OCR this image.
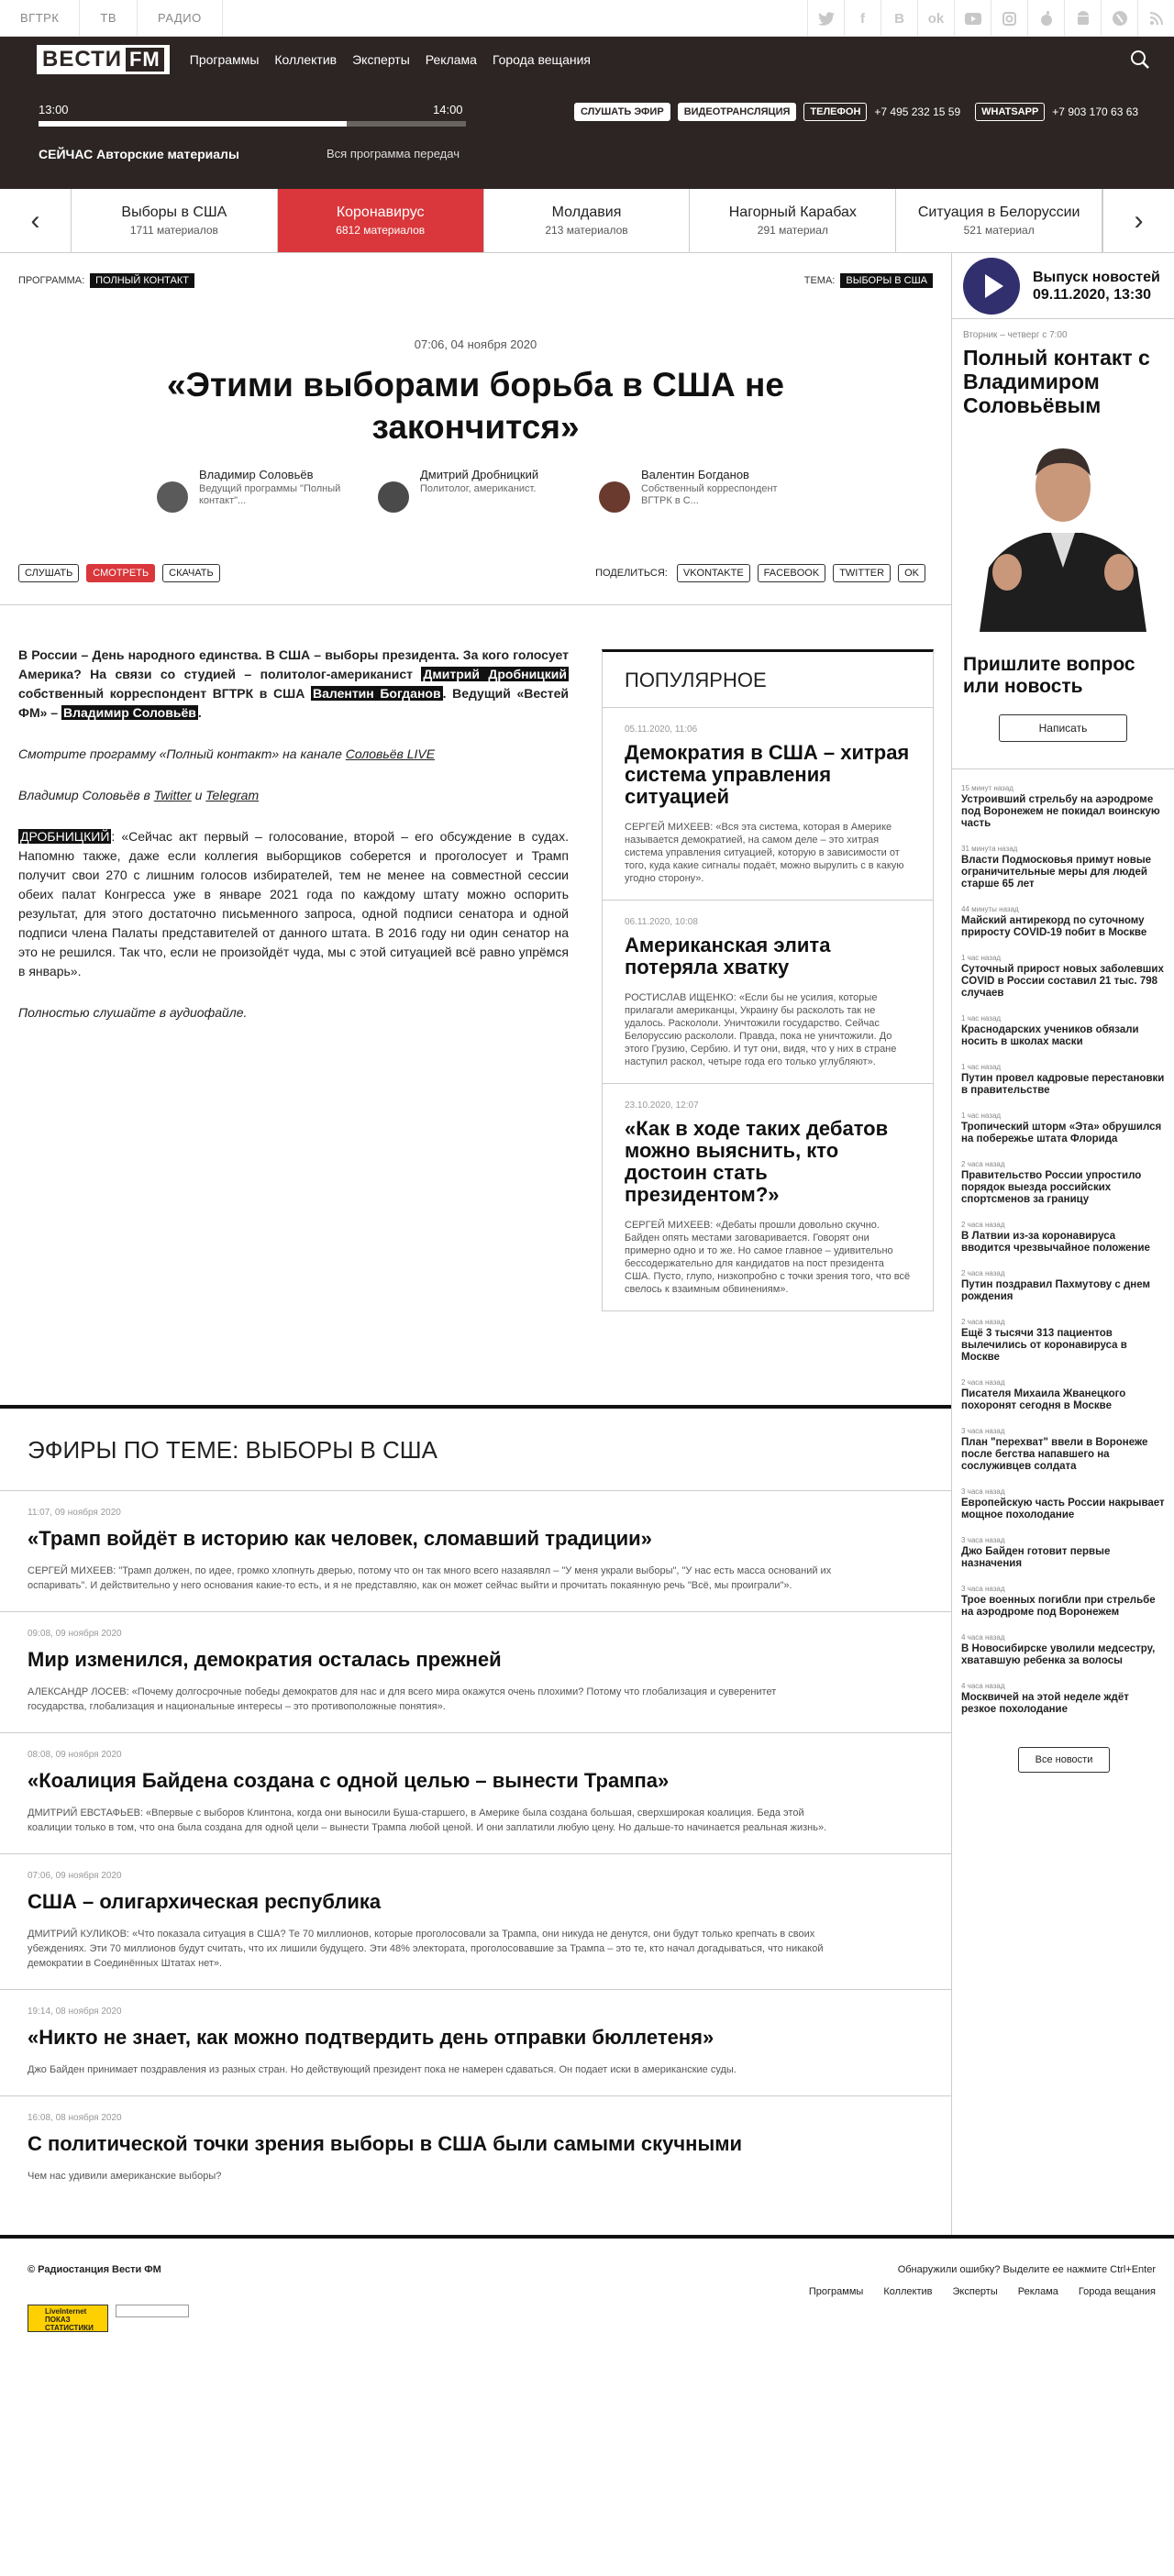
ВГТРК	ТВ	РАДИО	f	B	ok
ВЕСТИ FM Программы Коллектив Эксперты Реклама Города вещания
13:00	14:00
СЕЙЧАС Авторские материалы	Вся программа передач
СЛУШАТЬ ЭФИР	ВИДЕОТРАНСЛЯЦИЯ	ТЕЛЕФОН	+7 495 232 15 59	WHATSAPP	+7 903 170 63 63
‹	Выборы в США
1711 материалов
Коронавирус
6812 материалов
Молдавия
213 материалов
Нагорный Карабах
291 материал
Ситуация в Белоруссии
521 материал	›
ПРОГРАММА: ПОЛНЫЙ КОНТАКТ	ТЕМА: ВЫБОРЫ В США
07:06, 04 ноября 2020
«Этими выборами борьба в США не закончится»
Владимир Соловьёв
Ведущий программы "Полный контакт"...
Дмитрий Дробницкий
Политолог, американист.
Валентин Богданов
Собственный корреспондент ВГТРК в С...
СЛУШАТЬ	СМОТРЕТЬ	СКАЧАТЬ	ПОДЕЛИТЬСЯ:	VKONTAKTE	FACEBOOK	TWITTER	OK

В России – День народного единства. В США – выборы президента. За кого голосует Америка? На связи со студией – политолог-американист Дмитрий Дробницкий собственный корреспондент ВГТРК в США Валентин Богданов . Ведущий «Вестей ФМ» – Владимир Соловьёв .

Смотрите программу «Полный контакт» на канале Соловьёв LIVE

Владимир Соловьёв в Twitter и Telegram

ДРОБНИЦКИЙ : «Сейчас акт первый – голосование, второй – его обсуждение в судах. Напомню также, даже если коллегия выборщиков соберется и проголосует и Трамп получит свои 270 с лишним голосов избирателей, тем не менее на совместной сессии обеих палат Конгресса уже в январе 2021 года по каждому штату можно оспорить результат, для этого достаточно письменного запроса, одной подписи сенатора и одной подписи члена Палаты представителей от данного штата. В 2016 году ни один сенатор на это не решился. Так что, если не произойдёт чуда, мы с этой ситуацией всё равно упрёмся в январь».

Полностью слушайте в аудиофайле.

ПОПУЛЯРНОЕ
05.11.2020, 11:06
Демократия в США – хитрая система управления ситуацией
СЕРГЕЙ МИХЕЕВ: «Вся эта система, которая в Америке называется демократией, на самом деле – это хитрая система управления ситуацией, которую в зависимости от того, куда какие сигналы подаёт, можно вырулить с в какую угодно сторону».
06.11.2020, 10:08
Американская элита потеряла хватку
РОСТИСЛАВ ИЩЕНКО: «Если бы не усилия, которые прилагали американцы, Украину бы расколоть так не удалось. Раскололи. Уничтожили государство. Сейчас Белоруссию раскололи. Правда, пока не уничтожили. До этого Грузию, Сербию. И тут они, видя, что у них в стране наступил раскол, четыре года его только углубляют».
23.10.2020, 12:07
«Как в ходе таких дебатов можно выяснить, кто достоин стать президентом?»
СЕРГЕЙ МИХЕЕВ: «Дебаты прошли довольно скучно. Байден опять местами заговаривается. Говорят они примерно одно и то же. Но самое главное – удивительно бессодержательно для кандидатов на пост президента США. Пусто, глупо, низкопробно с точки зрения того, что всё свелось к взаимным обвинениям».
ЭФИРЫ ПО ТЕМЕ: ВЫБОРЫ В США
11:07, 09 ноября 2020
«Трамп войдёт в историю как человек, сломавший традиции»
СЕРГЕЙ МИХЕЕВ: "Трамп должен, по идее, громко хлопнуть дверью, потому что он так много всего назаявлял – "У меня украли выборы", "У нас есть масса оснований их оспаривать". И действительно у него основания какие-то есть, и я не представляю, как он может сейчас выйти и прочитать покаянную речь "Всё, мы проиграли"».
09:08, 09 ноября 2020
Мир изменился, демократия осталась прежней
АЛЕКСАНДР ЛОСЕВ: «Почему долгосрочные победы демократов для нас и для всего мира окажутся очень плохими? Потому что глобализация и суверенитет государства, глобализация и национальные интересы – это противоположные понятия».
08:08, 09 ноября 2020
«Коалиция Байдена создана с одной целью – вынести Трампа»
ДМИТРИЙ ЕВСТАФЬЕВ: «Впервые с выборов Клинтона, когда они выносили Буша-старшего, в Америке была создана большая, сверхширокая коалиция. Беда этой коалиции только в том, что она была создана для одной цели – вынести Трампа любой ценой. И они заплатили любую цену. Но дальше-то начинается реальная жизнь».
07:06, 09 ноября 2020
США – олигархическая республика
ДМИТРИЙ КУЛИКОВ: «Что показала ситуация в США? Те 70 миллионов, которые проголосовали за Трампа, они никуда не денутся, они будут только крепчать в своих убеждениях. Эти 70 миллионов будут считать, что их лишили будущего. Эти 48% электората, проголосовавшие за Трампа – это те, кто начал догадываться, что никакой демократии в Соединённых Штатах нет».
19:14, 08 ноября 2020
«Никто не знает, как можно подтвердить день отправки бюллетеня»
Джо Байден принимает поздравления из разных стран. Но действующий президент пока не намерен сдаваться. Он подает иски в американские суды.
16:08, 08 ноября 2020
С политической точки зрения выборы в США были самыми скучными
Чем нас удивили американские выборы?
Выпуск новостей 09.11.2020, 13:30
Вторник – четверг с 7:00
Полный контакт с Владимиром Соловьёвым
Пришлите вопрос или новость
Написать
15 минут назад
Устроивший стрельбу на аэродроме под Воронежем не покидал воинскую часть
31 минута назад
Власти Подмосковья примут новые ограничительные меры для людей старше 65 лет
44 минуты назад
Майский антирекорд по суточному приросту COVID-19 побит в Москве
1 час назад
Суточный прирост новых заболевших COVID в России составил 21 тыс. 798 случаев
1 час назад
Краснодарских учеников обязали носить в школах маски
1 час назад
Путин провел кадровые перестановки в правительстве
1 час назад
Тропический шторм «Эта» обрушился на побережье штата Флорида
2 часа назад
Правительство России упростило порядок выезда российских спортсменов за границу
2 часа назад
В Латвии из-за коронавируса вводится чрезвычайное положение
2 часа назад
Путин поздравил Пахмутову с днем рождения
2 часа назад
Ещё 3 тысячи 313 пациентов вылечились от коронавируса в Москве
2 часа назад
Писателя Михаила Жванецкого похоронят сегодня в Москве
3 часа назад
План "перехват" ввели в Воронеже после бегства напавшего на сослуживцев солдата
3 часа назад
Европейскую часть России накрывает мощное похолодание
3 часа назад
Джо Байден готовит первые назначения
3 часа назад
Трое военных погибли при стрельбе на аэродроме под Воронежем
4 часа назад
В Новосибирске уволили медсестру, хватавшую ребенка за волосы
4 часа назад
Москвичей на этой неделе ждёт резкое похолодание
Все новости
© Радиостанция Вести ФМ	Обнаружили ошибку? Выделите ее нажмите Ctrl+Enter
Программы Коллектив Эксперты Реклама Города вещания
LiveInternet
ПОКАЗ СТАТИСТИКИ
